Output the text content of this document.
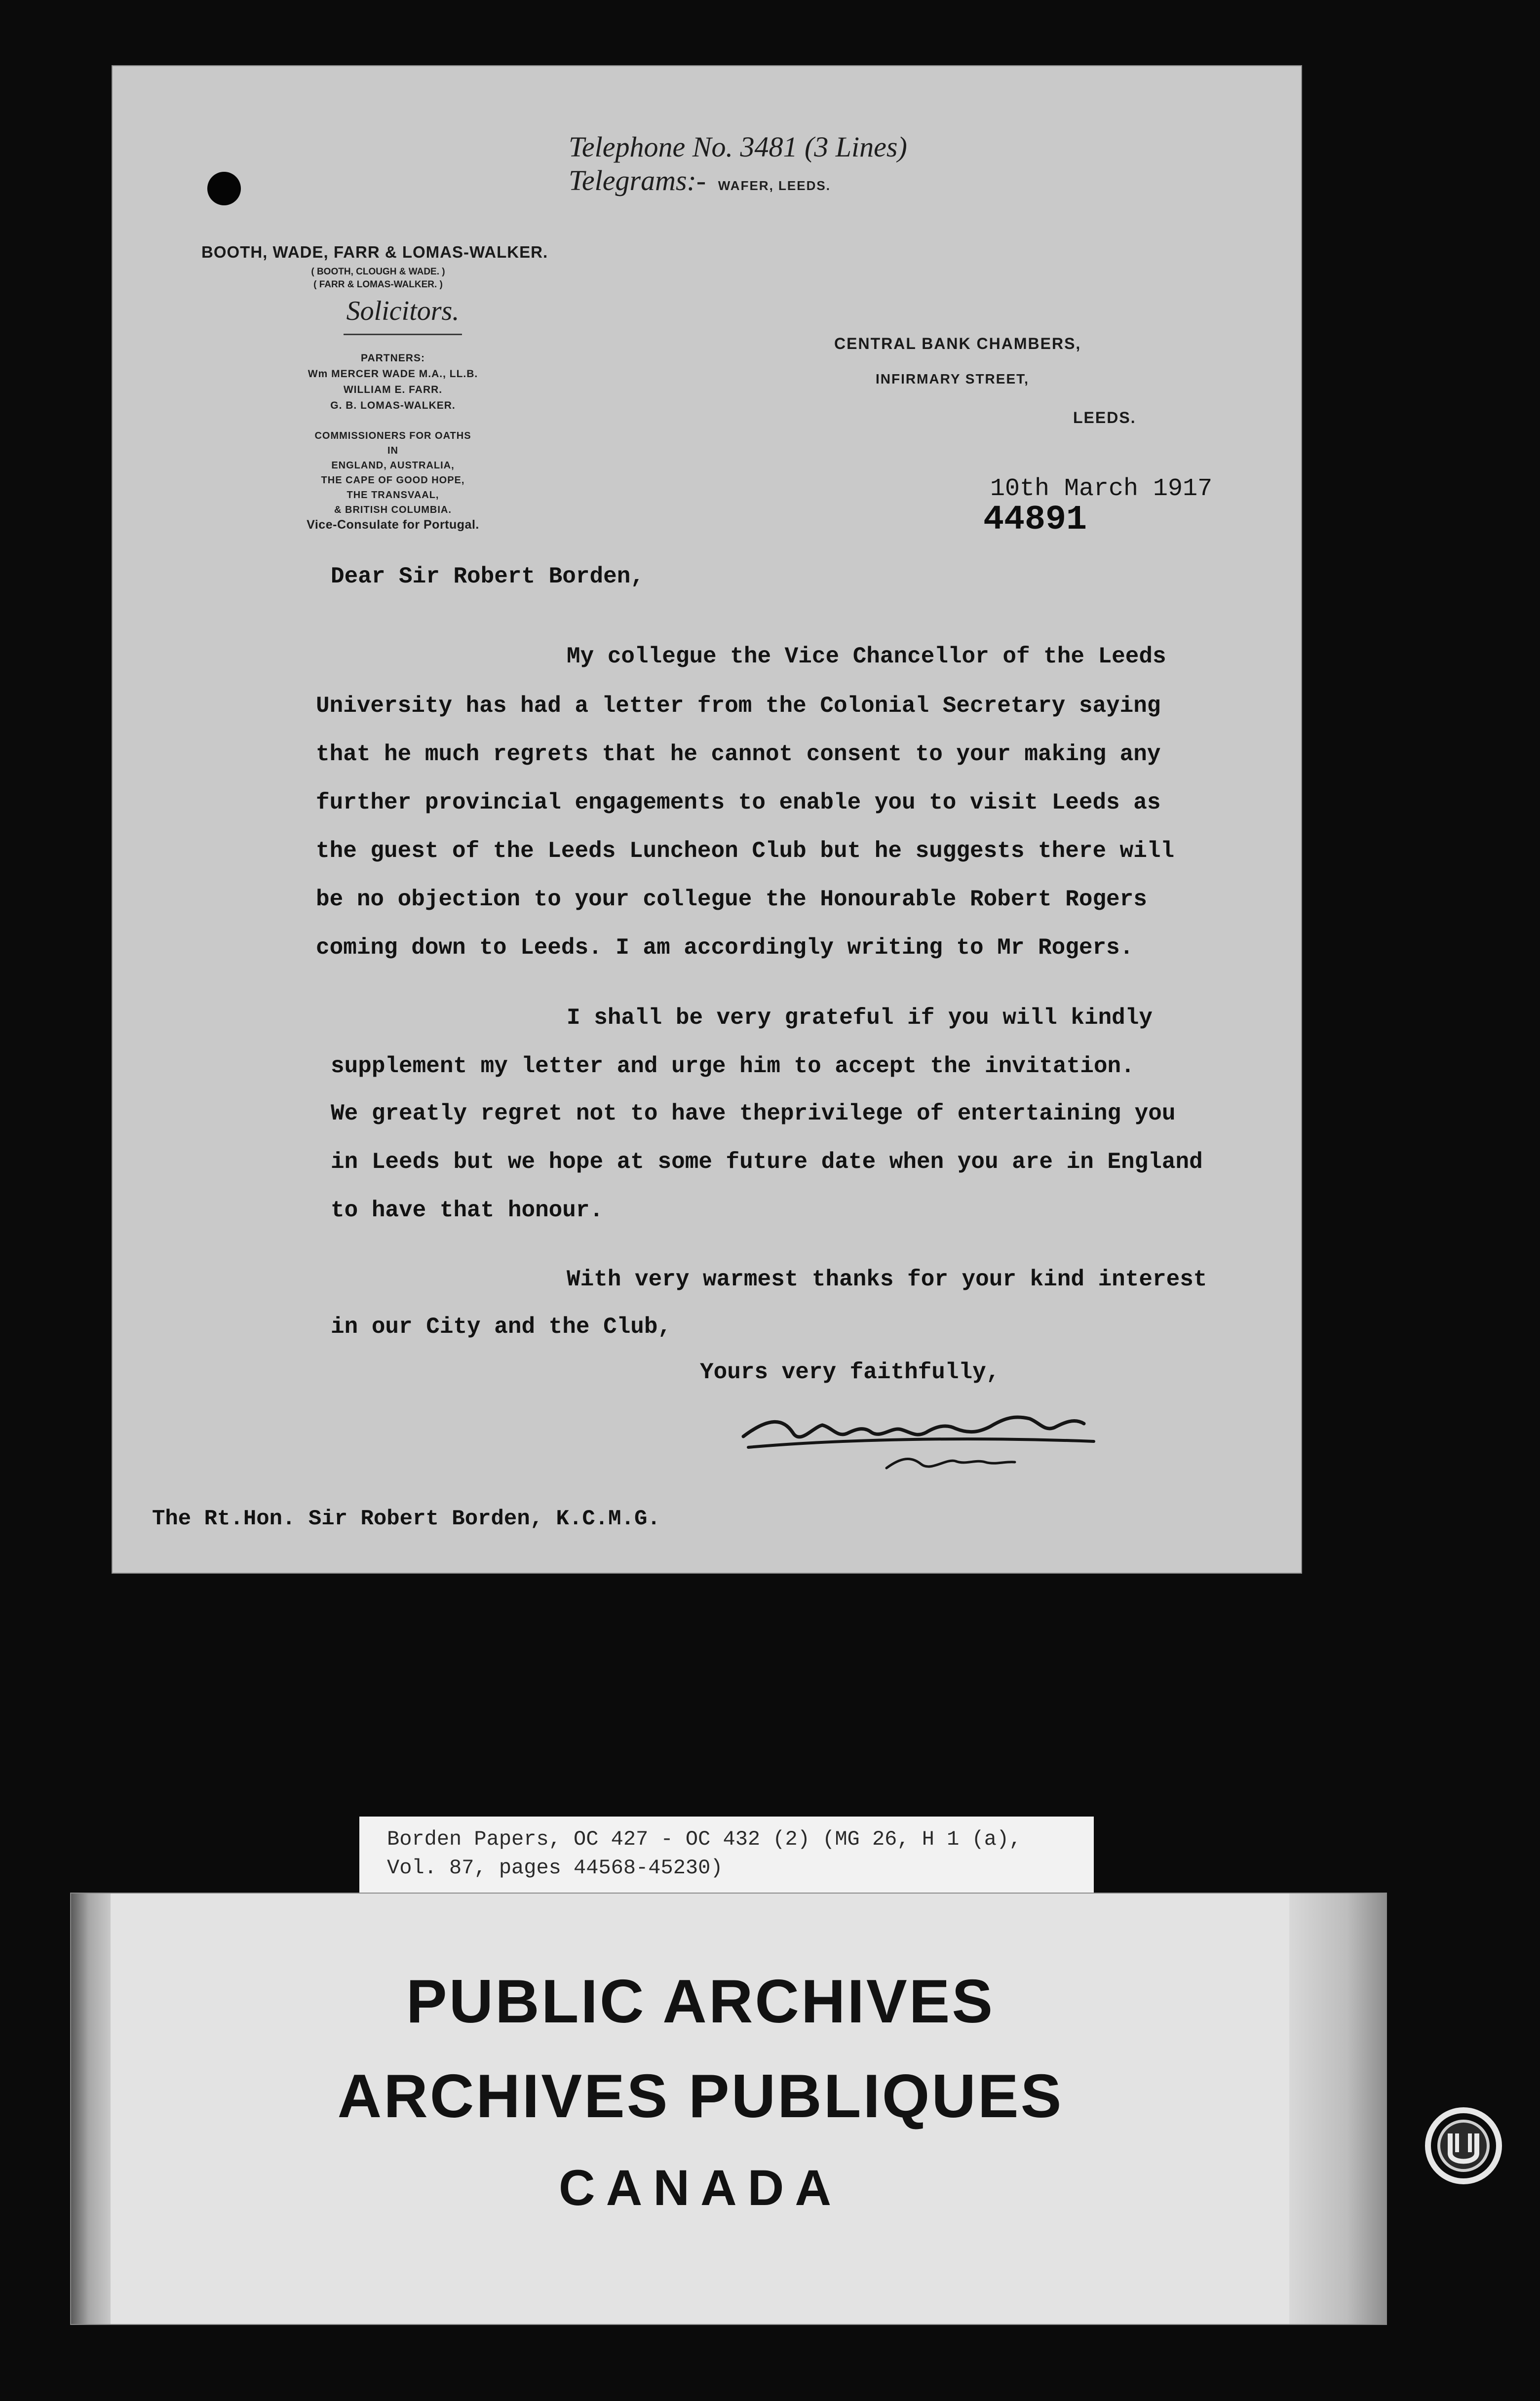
Telephone No. 3481 (3 Lines)
Telegrams:- WAFER, LEEDS.
BOOTH, WADE, FARR & LOMAS-WALKER.
( BOOTH, CLOUGH & WADE. )
( FARR & LOMAS-WALKER. )
Solicitors.
PARTNERS:
Wm MERCER WADE M.A., LL.B.
WILLIAM E. FARR.
G. B. LOMAS-WALKER.
COMMISSIONERS FOR OATHS
IN
ENGLAND, AUSTRALIA,
THE CAPE OF GOOD HOPE,
THE TRANSVAAL,
& BRITISH COLUMBIA.
Vice-Consulate for Portugal.
CENTRAL BANK CHAMBERS,
INFIRMARY STREET,
LEEDS.
10th March 1917
44891
Dear Sir Robert Borden,
My collegue the Vice Chancellor of the Leeds
University has had a letter from the Colonial Secretary saying
that he much regrets that he cannot consent to your making any
further provincial engagements to enable you to visit Leeds as
the guest of the Leeds Luncheon Club but he suggests there will
be no objection to your collegue the Honourable Robert Rogers
coming down to Leeds. I am accordingly writing to Mr Rogers.
I shall be very grateful if you will kindly
supplement my letter and urge him to accept the invitation.
We greatly regret not to have theprivilege of entertaining you
in Leeds but we hope at some future date when you are in England
to have that honour.
With very warmest thanks for your kind interest
in our City and the Club,
Yours very faithfully,
The Rt.Hon. Sir Robert Borden, K.C.M.G.
Borden Papers, OC 427 - OC 432 (2) (MG 26, H 1 (a),
Vol. 87, pages 44568-45230)
PUBLIC ARCHIVES
ARCHIVES PUBLIQUES
CANADA
